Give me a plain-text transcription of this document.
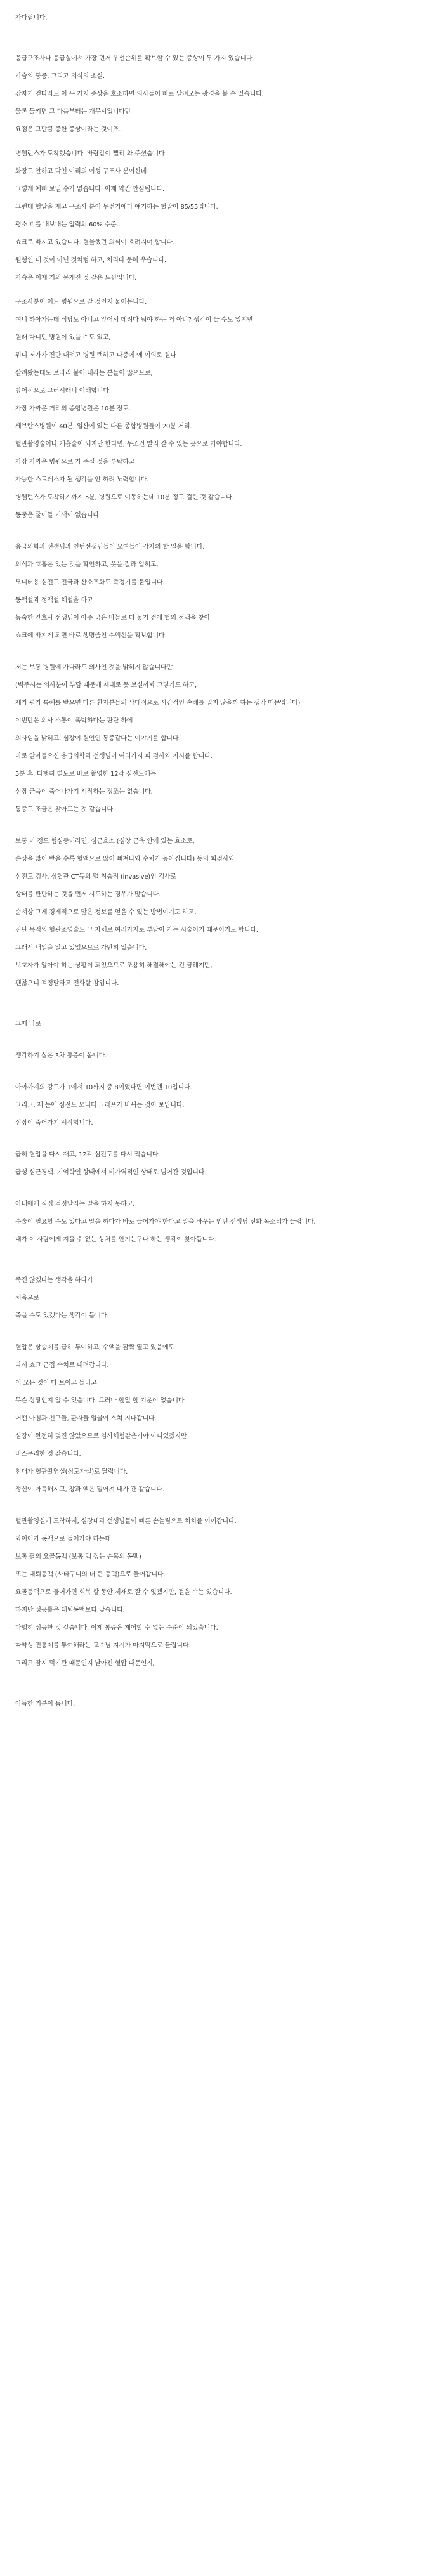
가다립니다.
응급구조사나 응급실에서 가장 먼저 우선순위를 확보할 수 있는 증상이 두 가지 있습니다.
가슴의 통증, 그리고 의식의 소실.
갑자기 걷다라도 이 두 가지 증상을 호소하면 의사들이 빠르 달려오는 광경을 볼 수 있습니다.
물론 들키면 그 다음부터는 개무시입니다만
요점은 그만큼 중한 증상이라는 것이죠.
병웰런스가 도착했습니다. 바람같이 빨리 와 주셨습니다.
화장도 안하고 막친 여리의 여성 구조사 분이신데
그렇게 예뻐 보일 수가 없습니다. 이제 약간 안심됩니다.
그런데 혈압을 재고 구조사 분이 무전기에다 얘기하는 혈압이 85/55입니다.
평소 피를 내보내는 압력의 60% 수준..
쇼크로 빠지고 있습니다. 혈뮬했던 의식이 흐려지며 합니다.
원형인 내 것이 아닌 것처럼 하고, 처리다 문해 우습니다.
가슴은 이제 거의 뭉개진 것 같은 느낌입니다.
구조사분이 어느 병원으로 갈 것인지 물어봅니다.
여니 하아가는데 식당도 아니고 앞어서 데려다 둬야 하는 거 아냐? 생각이 들 수도 있지만
원래 다니던 병원이 있을 수도 있고,
뭐니 저가가 진단 내려고 병원 택하고 나중에 애 이의로 원나
살려봤는데도 보라리 불어 내라는 분들이 많으므로,
방어적으로 그러시래니 이해합니다.
가장 가까운 거리의 종합병원은 10분 정도.
세브란스병원이 40분, 일산에 있는 다른 종합병원들이 20분 거리.
혈관촬영술이나 개흉술이 되지만 한다면, 무조건 빨리 갈 수 있는 곳으로 가야합니다.
가장 가까운 병원으로 가 주실 것을 부탁하고
가능한 스트레스가 될 생각을 안 하려 노력합니다.
병웰런스가 도착하기까지 5분, 병원으로 이동하는데 10분 정도 걸린 것 같습니다.
동중은 줄어들 기색이 없습니다.
응급의학과 선생님과 인턴선생님들이 모여들어 각자의 할 일을 합니다.
의식과 호흡은 있는 것을 확인하고, 옷을 잘라 입히고,
모니터용 심전도 전극과 산소포화도 측정기를 붙입니다.
동맥혈과 정맥혈 채혈을 하고
능숙한 간호사 선생님이 아주 굵은 바늘로 더 놓기 전에 혈의 정맥을 찾아
쇼크에 빠지게 되면 바로 생명줄인 수액선을 확보합니다.
저는 보통 병원에 가다라도 의사인 것을 밝히지 않습니다만
(벽주시는 의사분이 부담 때문에 제대로 못 보실까봐 그렇기도 하고,
제가 평가 특혜를 받으면 다른 환자분들의 상대적으로 시간적인 손해를 입지 않을까 하는 생각 때문입니다)
이번만은 의사 소통이 촉박하다는 판단 하에
의사임을 밝히고, 심장이 원인인 통증같다는 이야기를 합니다.
바로 알아들으신 응급의학과 선생님이 여러가지 피 검사와 지시를 합니다.
5분 후, 다행히 별도로 바로 촬영한 12각 심전도에는
심장 근육이 죽어나가기 시작하는 징조는 없습니다.
통증도 조금은 찾아드는 것 같습니다.
보통 이 정도 협심증이라면, 심근효소 (심장 근육 안에 있는 효소로,
손상을 많이 받을 수록 혈액으로 많이 빠져나와 수치가 높아집니다) 등의 피검사와
심전도 검사, 심혈관 CT등의 덜 침습적 (invasive)인 검사로
상태를 판단하는 것을 먼저 시도하는 경우가 많습니다.
순서상 그게 경제적으로 많은 정보를 얻을 수 있는 방법이기도 하고,
진단 목적의 혈관조영술도 그 자체로 여러가지로 부담이 가는 시술이기 때문이기도 합니다.
그래서 내일을 알고 있었으므로 가만히 있습니다.
보호자가 알아야 하는 상황이 되었으므로 조용히 해결해야는 건 금해지만,
괜찮으니 걱정말라고 전화할 참입니다.
그때 바로
생각하기 싫은 3차 통증이 옵니다.
아까까지의 강도가 1에서 10까지 중 8이었다면 이번엔 10입니다.
그리고, 제 눈에 심전도 모니터 그래프가 바뀌는 것이 보입니다.
심장이 죽어가기 시작합니다.
급히 혈압을 다시 재고, 12각 심전도를 다시 찍습니다.
급성 심근경색. 기억학인 상태에서 비가역적인 상태로 넘어간 것입니다.
아내에게 직접 걱정말라는 말을 하지 못하고,
수술이 필요할 수도 있다고 말을 하다가 바로 들어가야 한다고 말을 바꾸는 인턴 선생님 전화 목소리가 들립니다.
내가 이 사람에게 지을 수 없는 상처를 안기는구나 하는 생각이 찾아듭니다.
죽진 않겠다는 생각을 하다가
처음으로
죽을 수도 있겠다는 생각이 듭니다.
혈압은 상승제를 급히 투여하고, 수액을 활짝 열고 있음에도
다시 쇼크 근접 수치로 내려갑니다.
이 모든 것이 다 보이고 들리고
무슨 상황인지 알 수 있습니다. 그러나 할일 할 기운이 없습니다.
어떤 아침과 친구들, 환자들 얼굴이 스쳐 지나갑니다.
심장이 완전히 멎진 않았으므로 임사체험같은거야 아니었겠지만
비스무리한 것 같습니다.
침대가 혈관촬영실(심도자실)로 달립니다.
정신이 아득해지고, 창과 엑은 멀어져 내가 간 같습니다.
혈관촬영실에 도착하지, 심장내과 선생님들이 빠른 손놀림으로 처치를 이어갑니다.
와이어가 동맥으로 들어가야 하는데
보통 팔의 요골동맥 (보통 맥 짚는 손목의 동맥)
또는 대퇴동맥 (사타구니의 더 큰 동맥)으로 들어갑니다.
요골동맥으로 들어가면 회복 할 동안 제재로 잘 수 없겠지만, 걸을 수는 있습니다.
하지만 성공률은 대퇴동맥보다 낮습니다.
다행히 성공한 것 같습니다. 이제 통증은 제어할 수 없는 수준이 되었습니다.
따약성 진통제를 투여해라는 교수님 지시가 마지막으로 들립니다.
그리고 잠시 덕기관 때문인지 날아진 혈압 때문인지,
아득한 기분이 듭니다.
